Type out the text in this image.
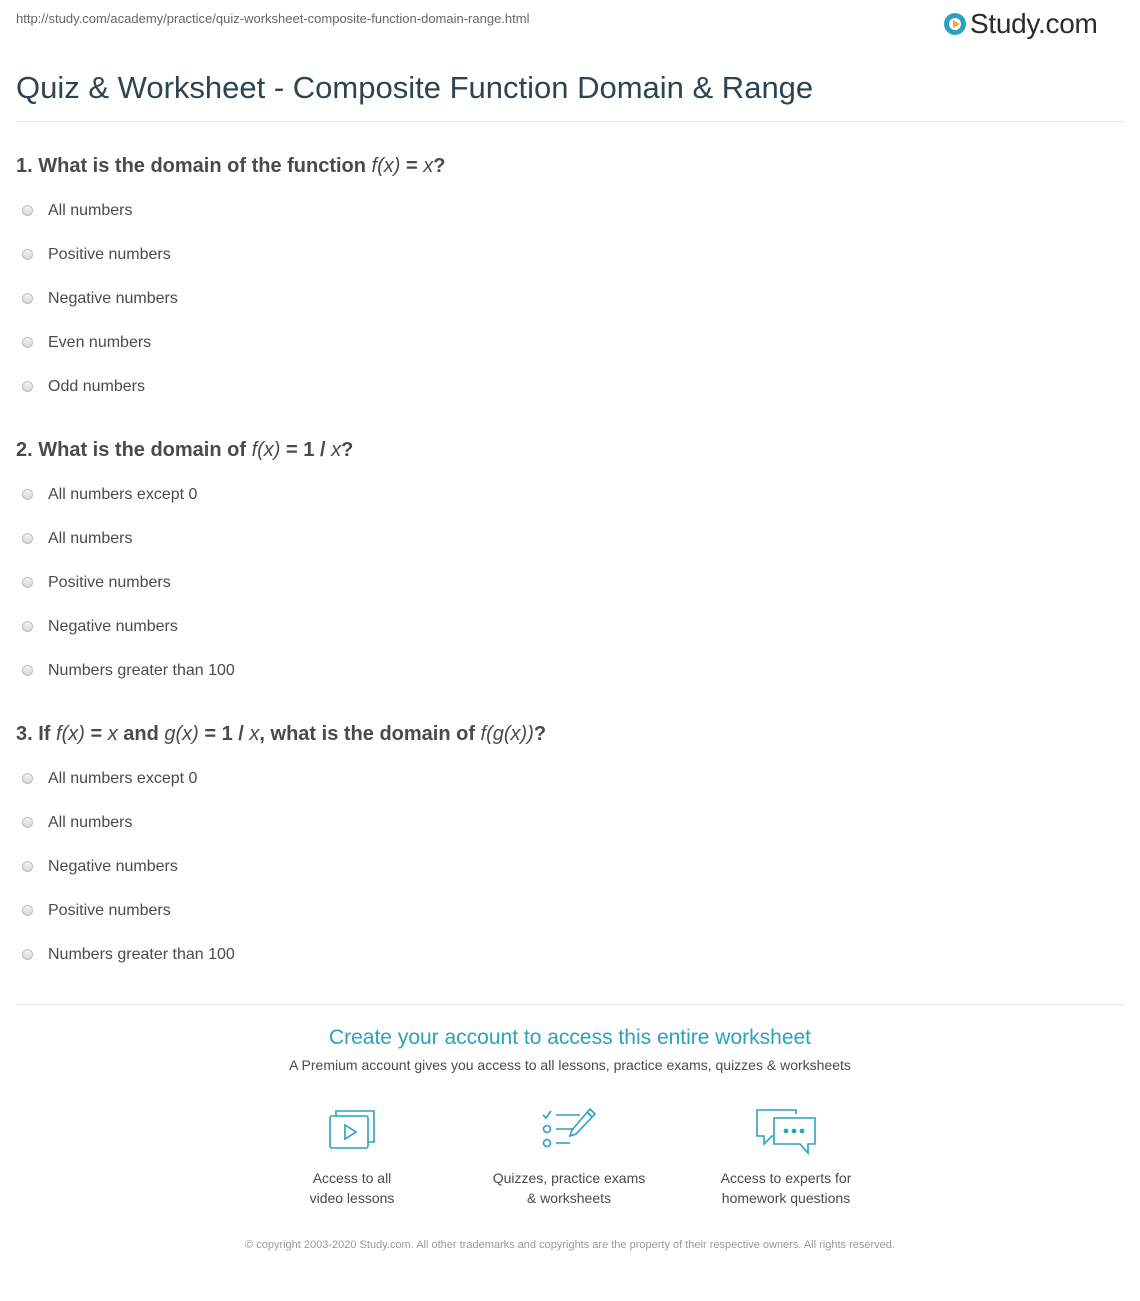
http://study.com/academy/practice/quiz-worksheet-composite-function-domain-range.html	Study.com
Quiz & Worksheet - Composite Function Domain & Range
1. What is the domain of the function f(x) = x?
All numbers
Positive numbers
Negative numbers
Even numbers
Odd numbers
2. What is the domain of f(x) = 1 / x?
All numbers except 0
All numbers
Positive numbers
Negative numbers
Numbers greater than 100
3. If f(x) = x and g(x) = 1 / x, what is the domain of f(g(x))?
All numbers except 0
All numbers
Negative numbers
Positive numbers
Numbers greater than 100
Create your account to access this entire worksheet
A Premium account gives you access to all lessons, practice exams, quizzes & worksheets
Access to all
video lessons
Quizzes, practice exams
& worksheets
Access to experts for
homework questions
© copyright 2003-2020 Study.com. All other trademarks and copyrights are the property of their respective owners. All rights reserved.
